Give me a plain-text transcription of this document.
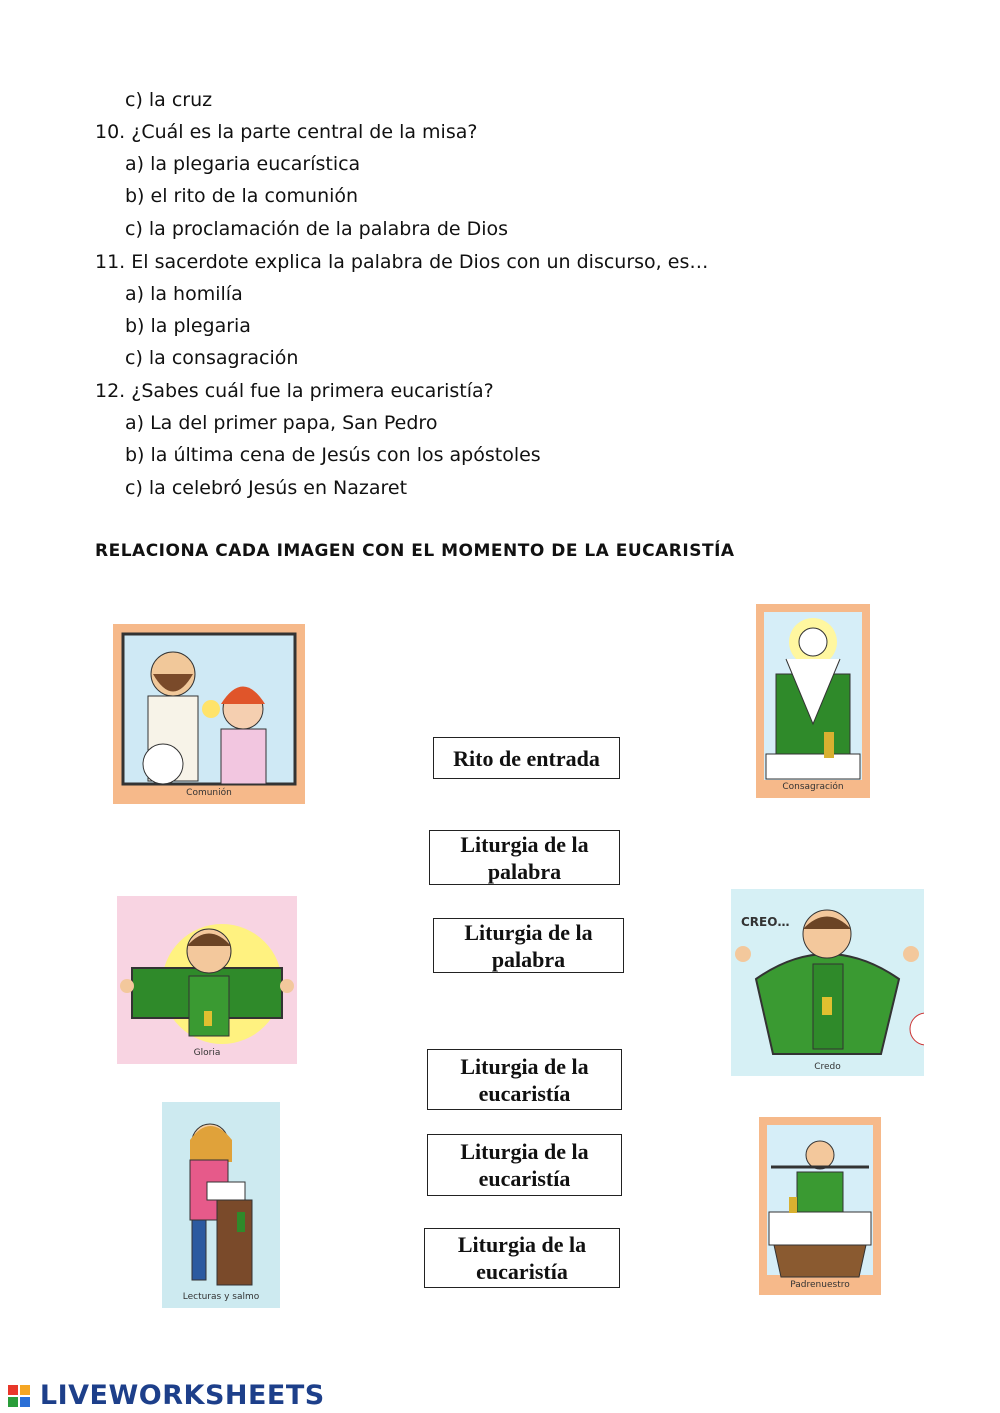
c) la cruz
10. ¿Cuál es la parte central de la misa?
a) la plegaria eucarística
b) el rito de la comunión
c) la proclamación de la palabra de Dios
11. El sacerdote explica la palabra de Dios con un discurso, es…
a) la homilía
b) la plegaria
c) la consagración
12. ¿Sabes cuál fue la primera eucaristía?
a) La del primer papa, San Pedro
b) la última cena de Jesús con los apóstoles
c) la celebró Jesús en Nazaret
RELACIONA CADA IMAGEN CON EL MOMENTO DE LA EUCARISTÍA
Comunión
Gloria
Lecturas y salmo
Consagración
CREO…
Credo
Padrenuestro
Rito de entrada
Liturgia de la
palabra
Liturgia de la
palabra
Liturgia de la
eucaristía
Liturgia de la
eucaristía
Liturgia de la
eucaristía
LIVEWORKSHEETS
